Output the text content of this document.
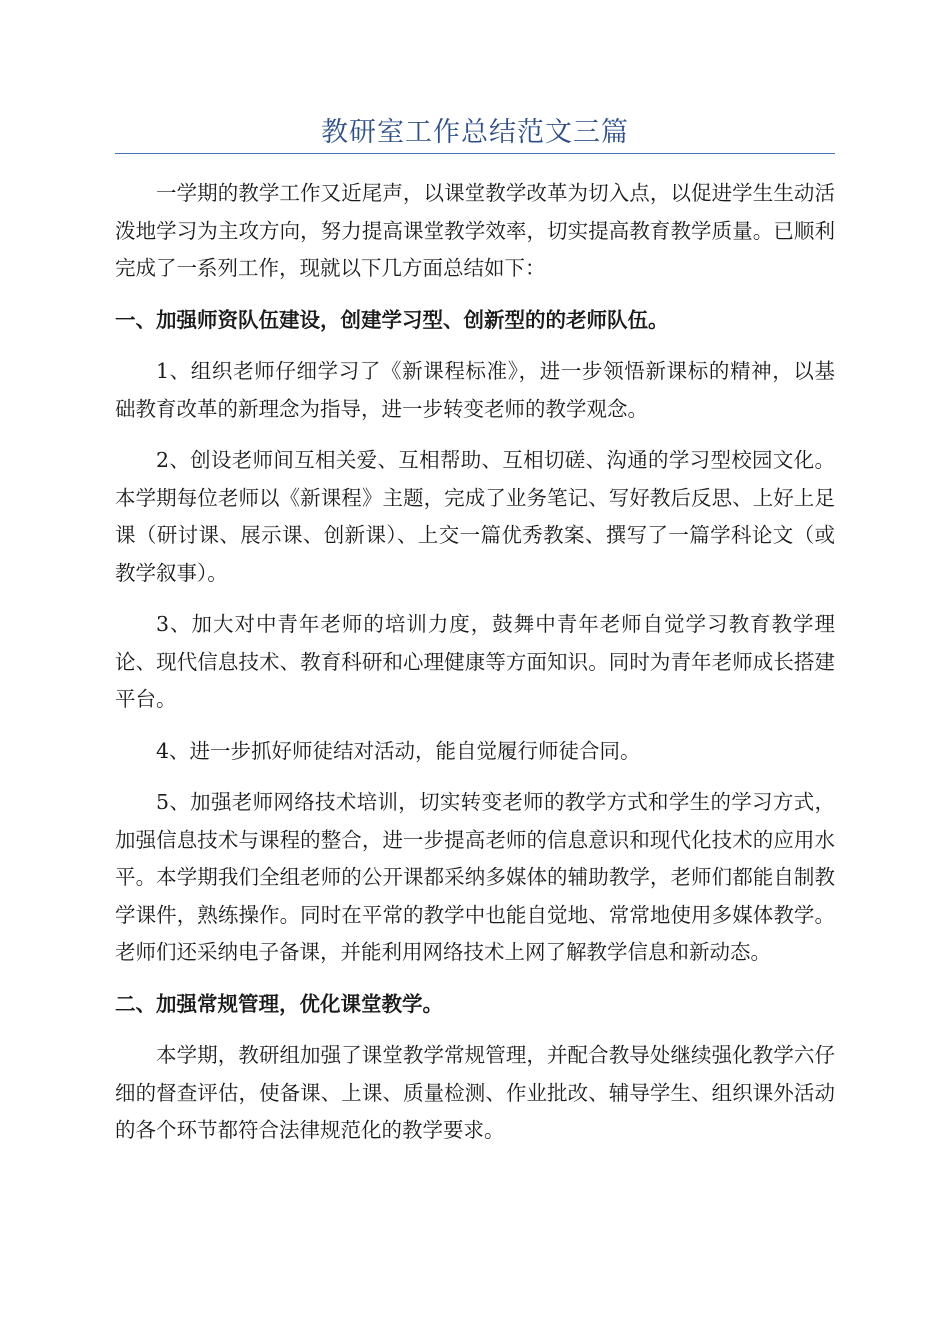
教研室工作总结范文三篇

一学期的教学工作又近尾声，以课堂教学改革为切入点，以促进学生生动活泼地学习为主攻方向，努力提高课堂教学效率，切实提高教育教学质量。已顺利完成了一系列工作，现就以下几方面总结如下：

一、加强师资队伍建设，创建学习型、创新型的的老师队伍。

1、组织老师仔细学习了《新课程标准》，进一步领悟新课标的精神，以基础教育改革的新理念为指导，进一步转变老师的教学观念。

2、创设老师间互相关爱、互相帮助、互相切磋、沟通的学习型校园文化。本学期每位老师以《新课程》主题，完成了业务笔记、写好教后反思、上好上足课（研讨课、展示课、创新课）、上交一篇优秀教案、撰写了一篇学科论文（或教学叙事）。

3、加大对中青年老师的培训力度，鼓舞中青年老师自觉学习教育教学理论、现代信息技术、教育科研和心理健康等方面知识。同时为青年老师成长搭建平台。

4、进一步抓好师徒结对活动，能自觉履行师徒合同。

5、加强老师网络技术培训，切实转变老师的教学方式和学生的学习方式，加强信息技术与课程的整合，进一步提高老师的信息意识和现代化技术的应用水平。本学期我们全组老师的公开课都采纳多媒体的辅助教学，老师们都能自制教学课件，熟练操作。同时在平常的教学中也能自觉地、常常地使用多媒体教学。老师们还采纳电子备课，并能利用网络技术上网了解教学信息和新动态。

二、加强常规管理，优化课堂教学。

本学期，教研组加强了课堂教学常规管理，并配合教导处继续强化教学六仔细的督查评估，使备课、上课、质量检测、作业批改、辅导学生、组织课外活动的各个环节都符合法律规范化的教学要求。
